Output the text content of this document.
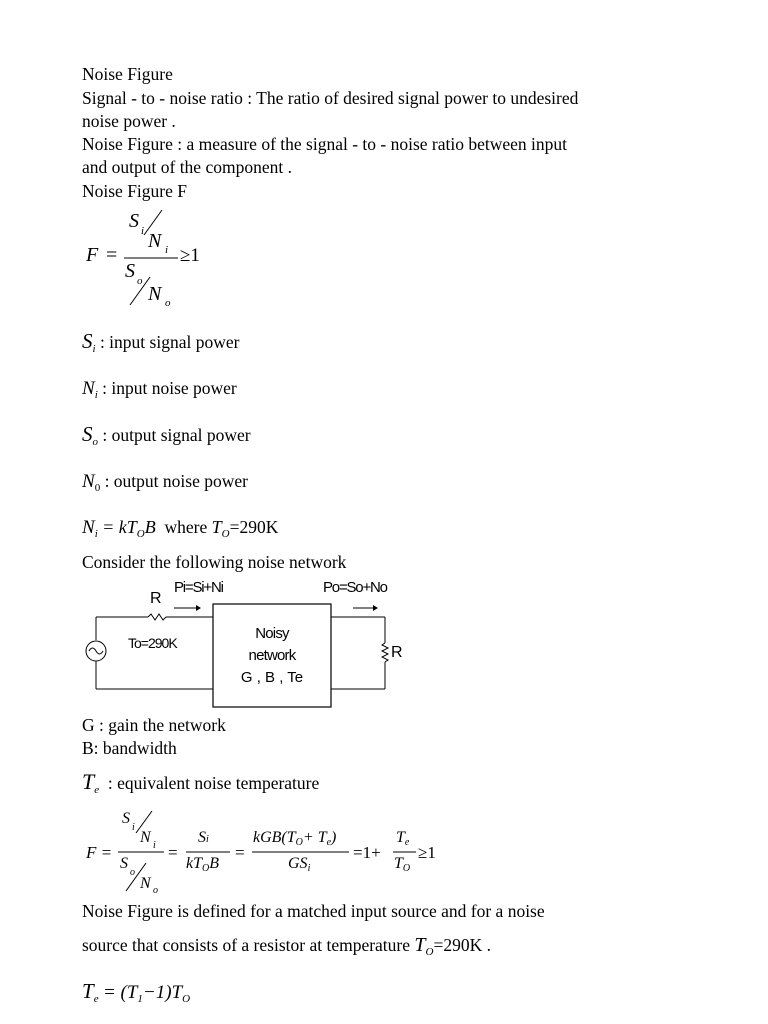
Noise Figure
Signal - to - noise ratio : The ratio of desired signal power to undesired
noise power .
Noise Figure : a measure of the signal - to - noise ratio between input
and output of the component .
Noise Figure F
F =
S i N i
S o
N o
≥1
$S_i$ : input signal power
$N_i$ : input noise power
$S_o$ : output signal power
$N_0$ : output noise power
$N_i = kT_OB$ where $T_O=290K$
Consider the following noise network
R
Pi=Si+Ni	Po=So+No
To=290K
Noisy
network
G , B , Te
R
G : gain the network
B: bandwidth
$T_e$ : equivalent noise temperature
F =
S
i
N i
S
o
N o
=
Si
kTOB
=
kGB(TO+ Te)
GSi
=1+
Te
TO
≥1
Noise Figure is defined for a matched input source and for a noise
source that consists of a resistor at temperature $T_O=290K$ .
$T_e = (T_1-1)T_O$
